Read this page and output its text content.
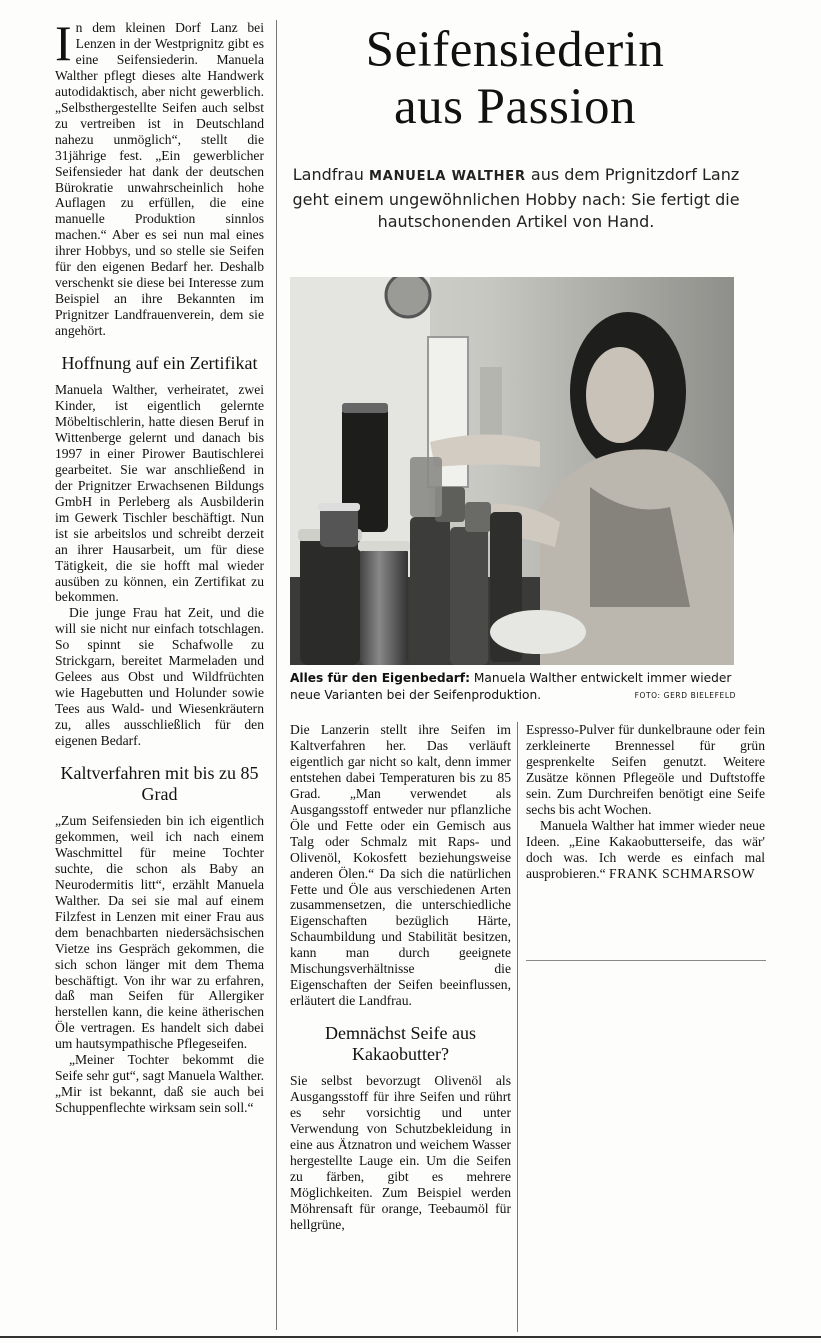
In dem kleinen Dorf Lanz bei Lenzen in der Westprignitz gibt es eine Seifensiederin. Manuela Walther pflegt dieses alte Handwerk autodidaktisch, aber nicht gewerblich. „Selbsthergestellte Seifen auch selbst zu vertreiben ist in Deutschland nahezu unmöglich“, stellt die 31jährige fest. „Ein gewerblicher Seifensieder hat dank der deutschen Bürokratie unwahrscheinlich hohe Auflagen zu erfüllen, die eine manuelle Produktion sinnlos machen.“ Aber es sei nun mal eines ihrer Hobbys, und so stelle sie Seifen für den eigenen Bedarf her. Deshalb verschenkt sie diese bei Interesse zum Beispiel an ihre Bekannten im Prignitzer Landfrauenverein, dem sie angehört.

Hoffnung auf ein Zertifikat

Manuela Walther, verheiratet, zwei Kinder, ist eigentlich gelernte Möbeltischlerin, hatte diesen Beruf in Wittenberge gelernt und danach bis 1997 in einer Pirower Bautischlerei gearbeitet. Sie war anschließend in der Prignitzer Erwachsenen Bildungs GmbH in Perleberg als Ausbilderin im Gewerk Tischler beschäftigt. Nun ist sie arbeitslos und schreibt derzeit an ihrer Hausarbeit, um für diese Tätigkeit, die sie hofft mal wieder ausüben zu können, ein Zertifikat zu bekommen.

Die junge Frau hat Zeit, und die will sie nicht nur einfach totschlagen. So spinnt sie Schafwolle zu Strickgarn, bereitet Marmeladen und Gelees aus Obst und Wildfrüchten wie Hagebutten und Holunder sowie Tees aus Wald- und Wiesenkräutern zu, alles ausschließlich für den eigenen Bedarf.

Kaltverfahren mit bis zu 85 Grad

„Zum Seifensieden bin ich eigentlich gekommen, weil ich nach einem Waschmittel für meine Tochter suchte, die schon als Baby an Neurodermitis litt“, erzählt Manuela Walther. Da sei sie mal auf einem Filzfest in Lenzen mit einer Frau aus dem benachbarten niedersächsischen Vietze ins Gespräch gekommen, die sich schon länger mit dem Thema beschäftigt. Von ihr war zu erfahren, daß man Seifen für Allergiker herstellen kann, die keine ätherischen Öle vertragen. Es handelt sich dabei um hautsympathische Pflegeseifen.

„Meiner Tochter bekommt die Seife sehr gut“, sagt Manuela Walther. „Mir ist bekannt, daß sie auch bei Schuppenflechte wirksam sein soll.“

Seifensiederin
aus Passion
Landfrau MANUELA WALTHER aus dem Prignitzdorf Lanz geht einem ungewöhnlichen Hobby nach: Sie fertigt die hautschonenden Artikel von Hand.
Alles für den Eigenbedarf: Manuela Walther entwickelt immer wieder neue Varianten bei der Seifenproduktion.	FOTO: GERD BIELEFELD

Die Lanzerin stellt ihre Seifen im Kaltverfahren her. Das verläuft eigentlich gar nicht so kalt, denn immer entstehen dabei Temperaturen bis zu 85 Grad. „Man verwendet als Ausgangsstoff entweder nur pflanzliche Öle und Fette oder ein Gemisch aus Talg oder Schmalz mit Raps- und Olivenöl, Kokosfett beziehungsweise anderen Ölen.“ Da sich die natürlichen Fette und Öle aus verschiedenen Arten zusammensetzen, die unterschiedliche Eigenschaften bezüglich Härte, Schaumbildung und Stabilität besitzen, kann man durch geeignete Mischungsverhältnisse die Eigenschaften der Seifen beeinflussen, erläutert die Landfrau.

Demnächst Seife aus Kakaobutter?

Sie selbst bevorzugt Olivenöl als Ausgangsstoff für ihre Seifen und rührt es sehr vorsichtig und unter Verwendung von Schutzbekleidung in eine aus Ätznatron und weichem Wasser hergestellte Lauge ein. Um die Seifen zu färben, gibt es mehrere Möglichkeiten. Zum Beispiel werden Möhrensaft für orange, Teebaumöl für hellgrüne,

Espresso-Pulver für dunkelbraune oder fein zerkleinerte Brennessel für grün gesprenkelte Seifen genutzt. Weitere Zusätze können Pflegeöle und Duftstoffe sein. Zum Durchreifen benötigt eine Seife sechs bis acht Wochen.

Manuela Walther hat immer wieder neue Ideen. „Eine Kakaobutterseife, das wär' doch was. Ich werde es einfach mal ausprobieren.“ FRANK SCHMARSOW
